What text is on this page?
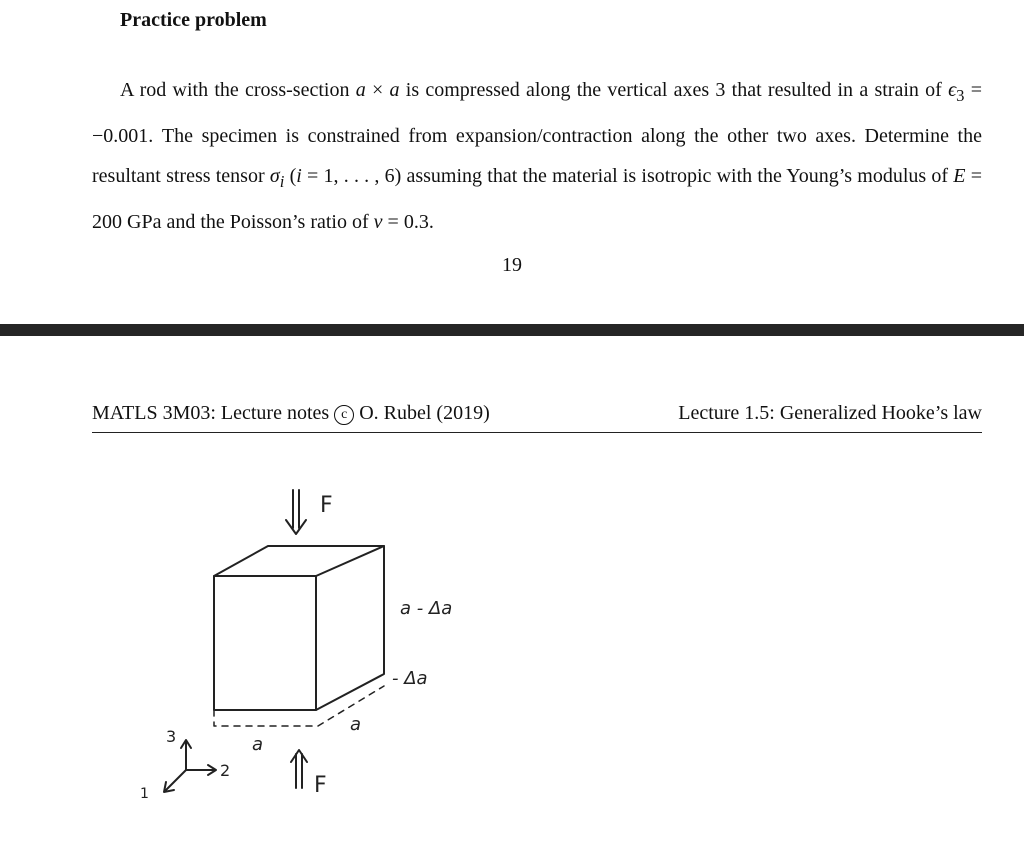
Practice problem

A rod with the cross-section a × a is compressed along the vertical axes 3 that resulted in a strain of $\epsilon_3 = -0.001$. The specimen is constrained from expansion/contraction along the other two axes. Determine the resultant stress tensor $\sigma_i$ (i = 1, . . . , 6) assuming that the material is isotropic with the Young’s modulus of E = 200 GPa and the Poisson’s ratio of ν = 0.3.

19
MATLS 3M03: Lecture notes c O. Rubel (2019)	Lecture 1.5: Generalized Hooke’s law
F
F
a - Δa
- Δa
a
a
3
2
1
